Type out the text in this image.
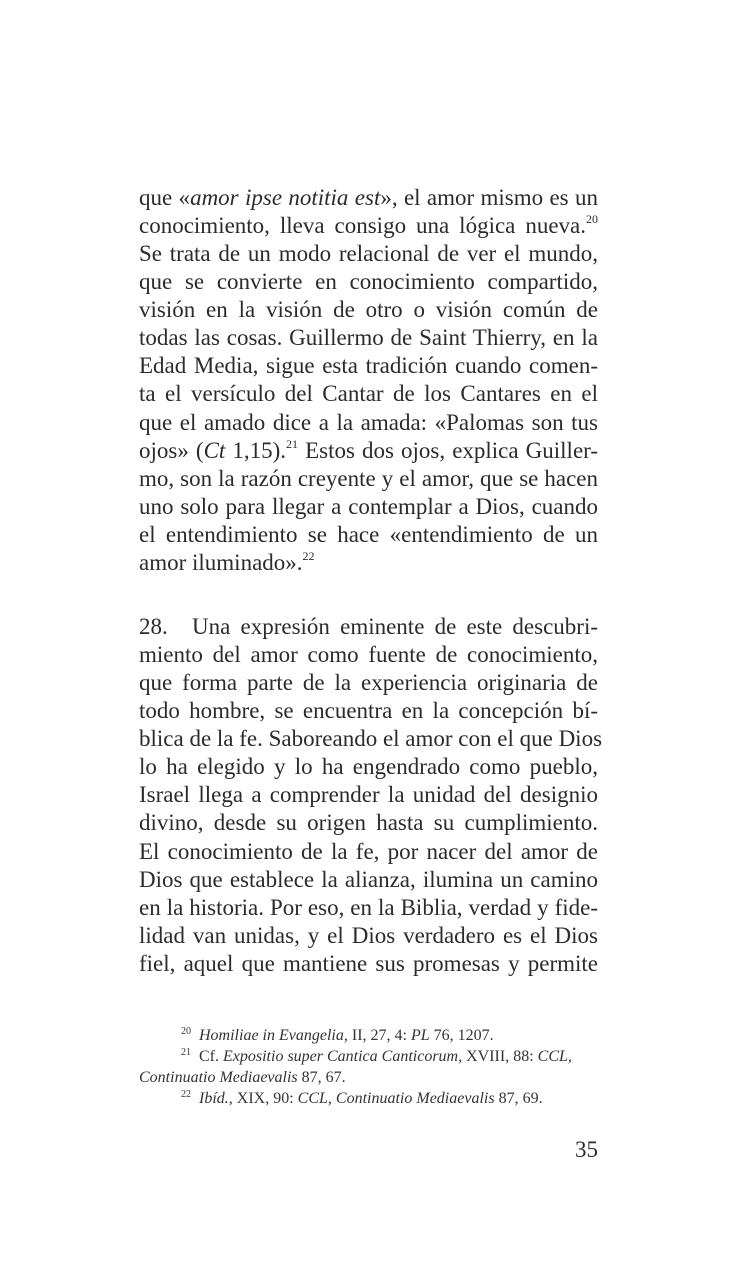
que «amor ipse notitia est», el amor mismo es un
conocimiento, lleva consigo una lógica nueva.$^{20}$
Se trata de un modo relacional de ver el mundo,
que se convierte en conocimiento compartido,
visión en la visión de otro o visión común de
todas las cosas. Guillermo de Saint Thierry, en la
Edad Media, sigue esta tradición cuando comen-
ta el versículo del Cantar de los Cantares en el
que el amado dice a la amada: «Palomas son tus
ojos» (Ct 1,15).$^{21}$ Estos dos ojos, explica Guiller-
mo, son la razón creyente y el amor, que se hacen
uno solo para llegar a contemplar a Dios, cuando
el entendimiento se hace «entendimiento de un
amor iluminado».$^{22}$
28. Una expresión eminente de este descubri-
miento del amor como fuente de conocimiento,
que forma parte de la experiencia originaria de
todo hombre, se encuentra en la concepción bí-
blica de la fe. Saboreando el amor con el que Dios
lo ha elegido y lo ha engendrado como pueblo,
Israel llega a comprender la unidad del designio
divino, desde su origen hasta su cumplimiento.
El conocimiento de la fe, por nacer del amor de
Dios que establece la alianza, ilumina un camino
en la historia. Por eso, en la Biblia, verdad y fide-
lidad van unidas, y el Dios verdadero es el Dios
fiel, aquel que mantiene sus promesas y permite
$^{20}$ Homiliae in Evangelia, II, 27, 4: PL 76, 1207.
$^{21}$ Cf. Expositio super Cantica Canticorum, XVIII, 88: CCL,
Continuatio Mediaevalis 87, 67.
$^{22}$ Ibíd., XIX, 90: CCL, Continuatio Mediaevalis 87, 69.
35
